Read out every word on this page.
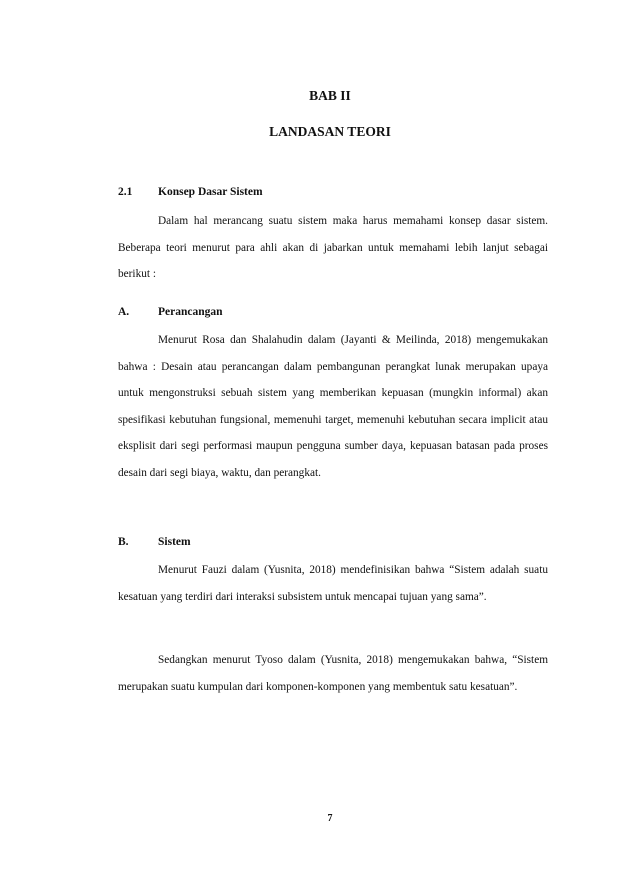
BAB II
LANDASAN TEORI
2.1 Konsep Dasar Sistem
Dalam hal merancang suatu sistem maka harus memahami konsep dasar sistem. Beberapa teori menurut para ahli akan di jabarkan untuk memahami lebih lanjut sebagai berikut :
A.	Perancangan
Menurut Rosa dan Shalahudin dalam (Jayanti & Meilinda, 2018) mengemukakan bahwa : Desain atau perancangan dalam pembangunan perangkat lunak merupakan upaya untuk mengonstruksi sebuah sistem yang memberikan kepuasan (mungkin informal) akan spesifikasi kebutuhan fungsional, memenuhi target, memenuhi kebutuhan secara implicit atau eksplisit dari segi performasi maupun pengguna sumber daya, kepuasan batasan pada proses desain dari segi biaya, waktu, dan perangkat.
B.	Sistem
Menurut Fauzi dalam (Yusnita, 2018) mendefinisikan bahwa “Sistem adalah suatu kesatuan yang terdiri dari interaksi subsistem untuk mencapai tujuan yang sama”.
Sedangkan menurut Tyoso dalam (Yusnita, 2018) mengemukakan bahwa, “Sistem merupakan suatu kumpulan dari komponen-komponen yang membentuk satu kesatuan”.
7
